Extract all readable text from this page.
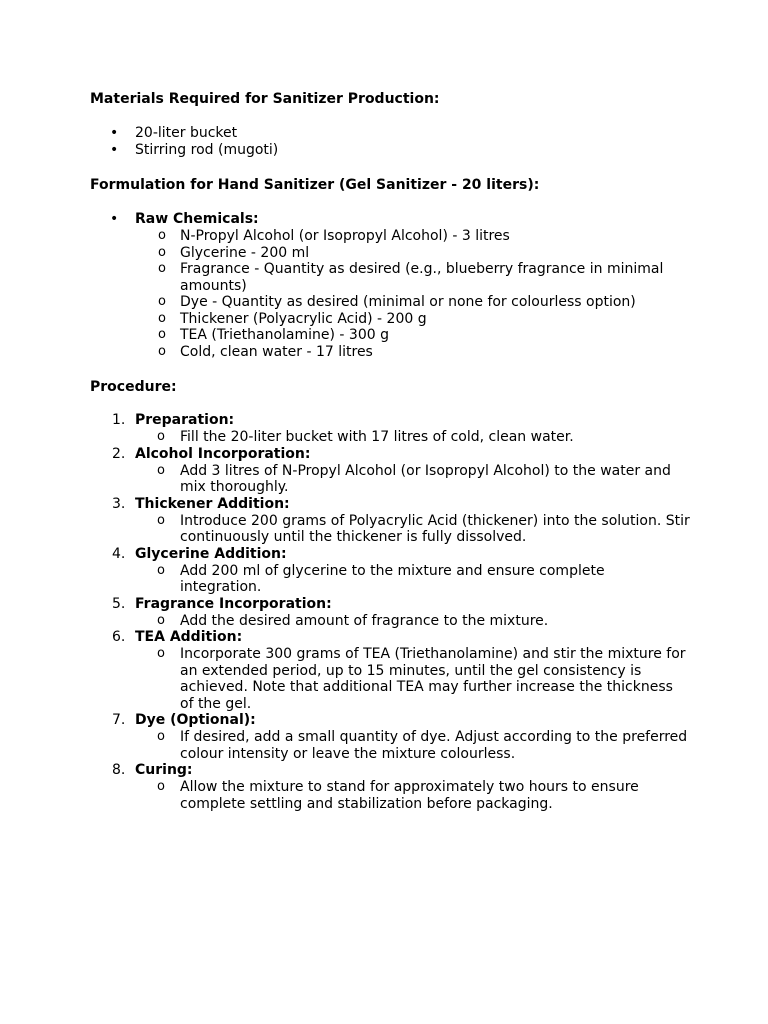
Materials Required for Sanitizer Production:

• 20-liter bucket
• Stirring rod (mugoti)

Formulation for Hand Sanitizer (Gel Sanitizer - 20 liters):

• Raw Chemicals:
o N-Propyl Alcohol (or Isopropyl Alcohol) - 3 litres
o Glycerine - 200 ml
o Fragrance - Quantity as desired (e.g., blueberry fragrance in minimal amounts)
o Dye - Quantity as desired (minimal or none for colourless option)
o Thickener (Polyacrylic Acid) - 200 g
o TEA (Triethanolamine) - 300 g
o Cold, clean water - 17 litres

Procedure:

1. Preparation:
o Fill the 20-liter bucket with 17 litres of cold, clean water.
2. Alcohol Incorporation:
o Add 3 litres of N-Propyl Alcohol (or Isopropyl Alcohol) to the water and mix thoroughly.
3. Thickener Addition:
o Introduce 200 grams of Polyacrylic Acid (thickener) into the solution. Stir continuously until the thickener is fully dissolved.
4. Glycerine Addition:
o Add 200 ml of glycerine to the mixture and ensure complete integration.
5. Fragrance Incorporation:
o Add the desired amount of fragrance to the mixture.
6. TEA Addition:
o Incorporate 300 grams of TEA (Triethanolamine) and stir the mixture for an extended period, up to 15 minutes, until the gel consistency is achieved. Note that additional TEA may further increase the thickness of the gel.
7. Dye (Optional):
o If desired, add a small quantity of dye. Adjust according to the preferred colour intensity or leave the mixture colourless.
8. Curing:
o Allow the mixture to stand for approximately two hours to ensure complete settling and stabilization before packaging.
